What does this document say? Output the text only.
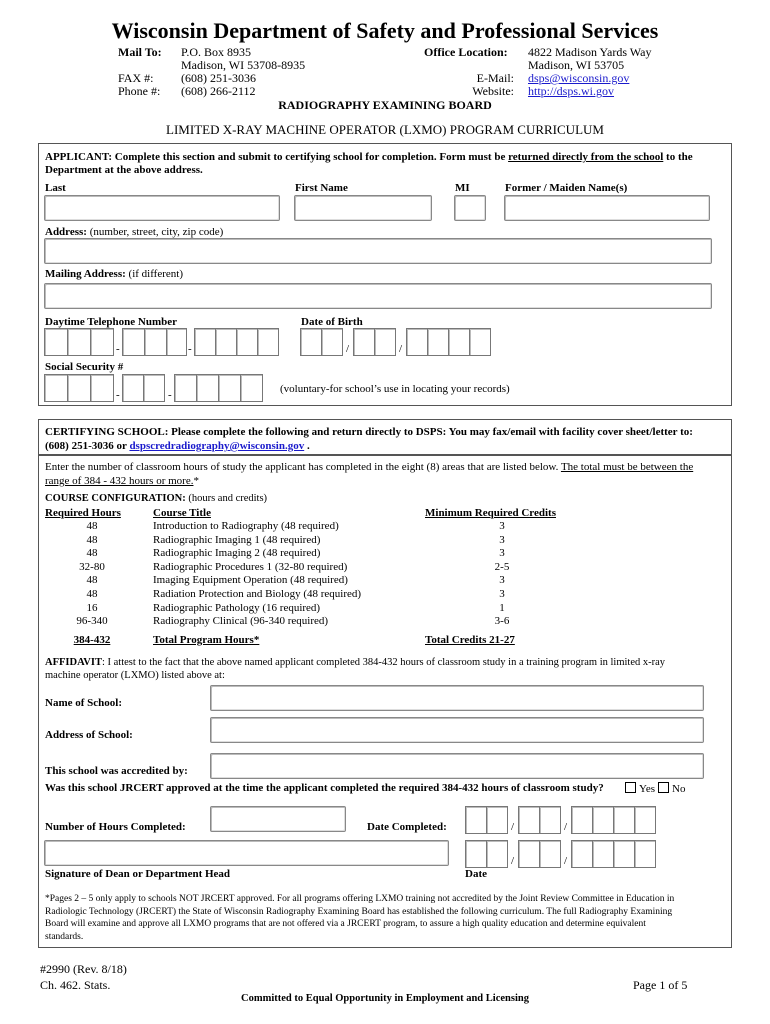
Wisconsin Department of Safety and Professional Services
Mail To: P.O. Box 8935
Madison, WI 53708-8935
FAX #: (608) 251-3036
Phone #: (608) 266-2112
Office Location: 4822 Madison Yards Way
Madison, WI 53705
E-Mail: dsps@wisconsin.gov
Website: http://dsps.wi.gov
RADIOGRAPHY EXAMINING BOARD
LIMITED X-RAY MACHINE OPERATOR (LXMO) PROGRAM CURRICULUM
APPLICANT: Complete this section and submit to certifying school for completion. Form must be returned directly from the school to the
Department at the above address.
Last	First Name	MI	Former / Maiden Name(s)
Address: (number, street, city, zip code)
Mailing Address: (if different)
Daytime Telephone Number	Date of Birth
-	-	/	/
Social Security #
-	-	(voluntary-for school’s use in locating your records)
CERTIFYING SCHOOL: Please complete the following and return directly to DSPS: You may fax/email with facility cover sheet/letter to:
(608) 251-3036 or dspscredradiography@wisconsin.gov .
Enter the number of classroom hours of study the applicant has completed in the eight (8) areas that are listed below. The total must be between the
range of 384 - 432 hours or more.*
COURSE CONFIGURATION: (hours and credits)
Required Hours	Course Title	Minimum Required Credits
48	Introduction to Radiography (48 required)	3
48	Radiographic Imaging 1 (48 required)	3
48	Radiographic Imaging 2 (48 required)	3
32-80	Radiographic Procedures 1 (32-80 required)	2-5
48	Imaging Equipment Operation (48 required)	3
48	Radiation Protection and Biology (48 required)	3
16	Radiographic Pathology (16 required)	1
96-340	Radiography Clinical (96-340 required)	3-6
384-432	Total Program Hours*	Total Credits 21-27
AFFIDAVIT: I attest to the fact that the above named applicant completed 384-432 hours of classroom study in a training program in limited x-ray
machine operator (LXMO) listed above at:
Name of School:
Address of School:
This school was accredited by:
Was this school JRCERT approved at the time the applicant completed the required 384-432 hours of classroom study?	Yes No
Number of Hours Completed:	Date Completed:	/	/
/	/
Signature of Dean or Department Head	Date
*Pages 2 – 5 only apply to schools NOT JRCERT approved. For all programs offering LXMO training not accredited by the Joint Review Committee in Education in
Radiologic Technology (JRCERT) the State of Wisconsin Radiography Examining Board has established the following curriculum. The full Radiography Examining
Board will examine and approve all LXMO programs that are not offered via a JRCERT program, to assure a high quality education and determine equivalent
standards.
#2990 (Rev. 8/18)
Ch. 462. Stats.	Page 1 of 5
Committed to Equal Opportunity in Employment and Licensing
